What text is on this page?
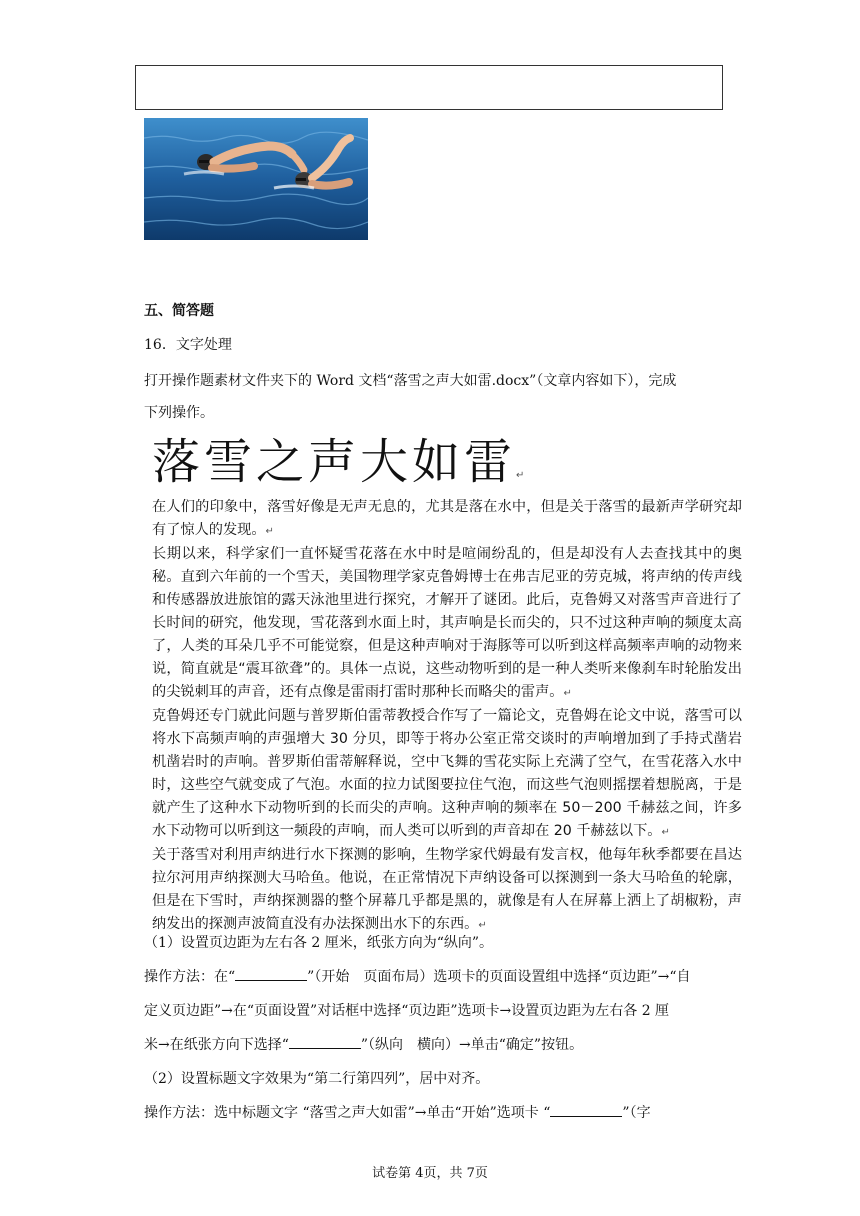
五、简答题
16．文字处理
打开操作题素材文件夹下的 Word 文档“落雪之声大如雷.docx”（文章内容如下），完成
下列操作。
落雪之声大如雷↵

在人们的印象中，落雪好像是无声无息的，尤其是落在水中，但是关于落雪的最新声学研究却有了惊人的发现。↵

长期以来，科学家们一直怀疑雪花落在水中时是喧闹纷乱的，但是却没有人去查找其中的奥秘。直到六年前的一个雪天，美国物理学家克鲁姆博士在弗吉尼亚的劳克城，将声纳的传声线和传感器放进旅馆的露天泳池里进行探究，才解开了谜团。此后，克鲁姆又对落雪声音进行了长时间的研究，他发现，雪花落到水面上时，其声响是长而尖的，只不过这种声响的频度太高了，人类的耳朵几乎不可能觉察，但是这种声响对于海豚等可以听到这样高频率声响的动物来说，简直就是“震耳欲聋”的。具体一点说，这些动物听到的是一种人类听来像刹车时轮胎发出的尖锐刺耳的声音，还有点像是雷雨打雷时那种长而略尖的雷声。↵

克鲁姆还专门就此问题与普罗斯伯雷蒂教授合作写了一篇论文，克鲁姆在论文中说，落雪可以将水下高频声响的声强增大 30 分贝，即等于将办公室正常交谈时的声响增加到了手持式凿岩机凿岩时的声响。普罗斯伯雷蒂解释说，空中飞舞的雪花实际上充满了空气，在雪花落入水中时，这些空气就变成了气泡。水面的拉力试图要拉住气泡，而这些气泡则摇摆着想脱离，于是就产生了这种水下动物听到的长而尖的声响。这种声响的频率在 50－200 千赫兹之间，许多水下动物可以听到这一频段的声响，而人类可以听到的声音却在 20 千赫兹以下。↵

关于落雪对利用声纳进行水下探测的影响，生物学家代姆最有发言权，他每年秋季都要在昌达拉尔河用声纳探测大马哈鱼。他说，在正常情况下声纳设备可以探测到一条大马哈鱼的轮廓，但是在下雪时，声纳探测器的整个屏幕几乎都是黑的，就像是有人在屏幕上洒上了胡椒粉，声纳发出的探测声波简直没有办法探测出水下的东西。↵

（1）设置页边距为左右各 2 厘米，纸张方向为“纵向”。
操作方法：在“	”（开始　页面布局）选项卡的页面设置组中选择“页边距”→“自
定义页边距”→在“页面设置”对话框中选择“页边距”选项卡→设置页边距为左右各 2 厘
米→在纸张方向下选择“	”（纵向　横向）→单击“确定”按钮。
（2）设置标题文字效果为“第二行第四列”，居中对齐。
操作方法：选中标题文字 “落雪之声大如雷”→单击“开始”选项卡 “	”（字
试卷第 4页，共 7页
